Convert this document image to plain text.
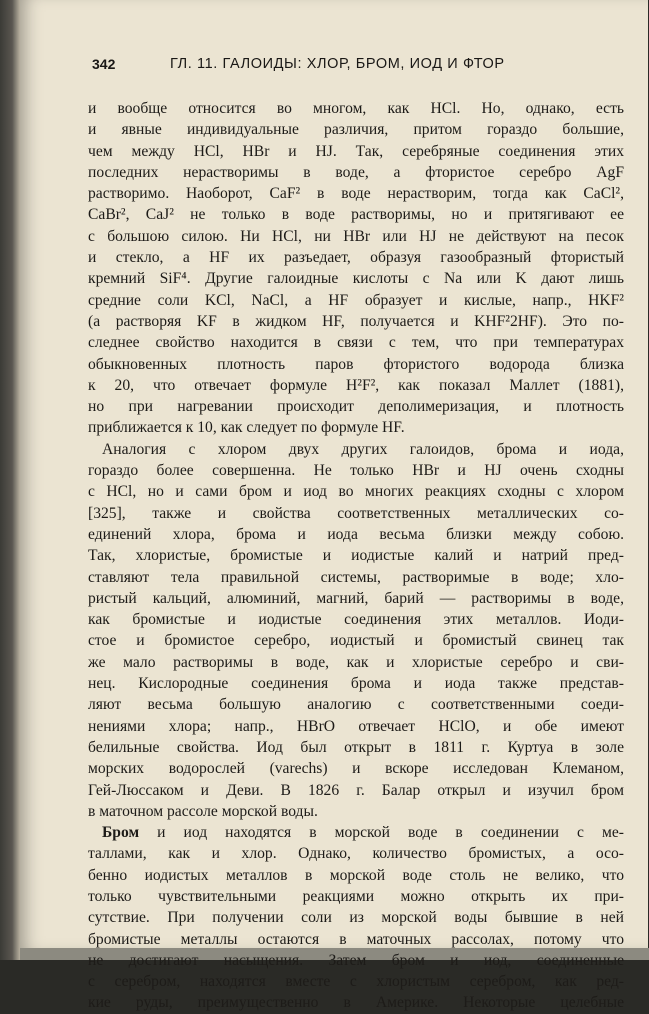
342	ГЛ. 11. ГАЛОИДЫ: ХЛОР, БРОМ, ИОД И ФТОР
и вообще относится во многом, как HCl. Но, однако, есть
и явные индивидуальные различия, притом гораздо большие,
чем между HCl, HBr и HJ. Так, серебряные соединения этих
последних нерастворимы в воде, а фтористое серебро AgF
растворимо. Наоборот, CaF² в воде нерастворим, тогда как CaCl²,
CaBr², CaJ² не только в воде растворимы, но и притягивают ее
с большою силою. Ни HCl, ни HBr или HJ не действуют на песок
и стекло, а HF их разъедает, образуя газообразный фтористый
кремний SiF⁴. Другие галоидные кислоты с Na или K дают лишь
средние соли KCl, NaCl, а HF образует и кислые, напр., HKF²
(а растворяя KF в жидком HF, получается и KHF²2HF). Это по-
следнее свойство находится в связи с тем, что при температурах
обыкновенных плотность паров фтористого водорода близка
к 20, что отвечает формуле H²F², как показал Маллет (1881),
но при нагревании происходит деполимеризация, и плотность
приближается к 10, как следует по формуле HF.
Аналогия с хлором двух других галоидов, брома и иода,
гораздо более совершенна. Не только HBr и HJ очень сходны
с HCl, но и сами бром и иод во многих реакциях сходны с хлором
[325], также и свойства соответственных металлических со-
единений хлора, брома и иода весьма близки между собою.
Так, хлористые, бромистые и иодистые калий и натрий пред-
ставляют тела правильной системы, растворимые в воде; хло-
ристый кальций, алюминий, магний, барий — растворимы в воде,
как бромистые и иодистые соединения этих металлов. Иоди-
стое и бромистое серебро, иодистый и бромистый свинец так
же мало растворимы в воде, как и хлористые серебро и сви-
нец. Кислородные соединения брома и иода также представ-
ляют весьма большую аналогию с соответственными соеди-
нениями хлора; напр., HBrO отвечает HClO, и обе имеют
белильные свойства. Иод был открыт в 1811 г. Куртуа в золе
морских водорослей (varechs) и вскоре исследован Клеманом,
Гей-Люссаком и Деви. В 1826 г. Балар открыл и изучил бром
в маточном рассоле морской воды.
Бром и иод находятся в морской воде в соединении с ме-
таллами, как и хлор. Однако, количество бромистых, а осо-
бенно иодистых металлов в морской воде столь не велико, что
только чувствительными реакциями можно открыть их при-
сутствие. При получении соли из морской воды бывшие в ней
бромистые металлы остаются в маточных рассолах, потому что
не достигают насыщения. Затем бром и иод, соединенные
с серебром, находятся вместе с хлористым серебром, как ред-
кие руды, преимущественно в Америке. Некоторые целебные
